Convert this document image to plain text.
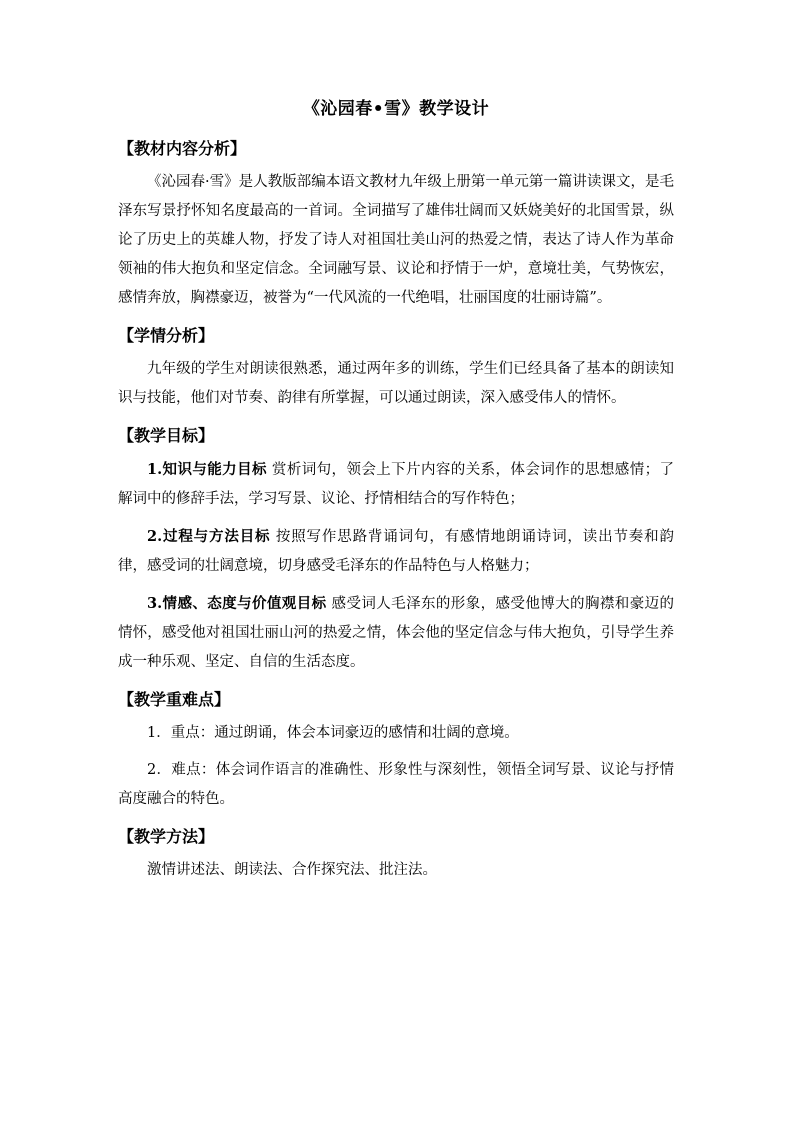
《沁园春•雪》教学设计
【教材内容分析】

《沁园春·雪》是人教版部编本语文教材九年级上册第一单元第一篇讲读课文，是毛泽东写景抒怀知名度最高的一首词。全词描写了雄伟壮阔而又妖娆美好的北国雪景，纵论了历史上的英雄人物，抒发了诗人对祖国壮美山河的热爱之情，表达了诗人作为革命领袖的伟大抱负和坚定信念。全词融写景、议论和抒情于一炉，意境壮美，气势恢宏，感情奔放，胸襟豪迈，被誉为“一代风流的一代绝唱，壮丽国度的壮丽诗篇”。

【学情分析】

九年级的学生对朗读很熟悉，通过两年多的训练，学生们已经具备了基本的朗读知识与技能，他们对节奏、韵律有所掌握，可以通过朗读，深入感受伟人的情怀。

【教学目标】

1.知识与能力目标 赏析词句，领会上下片内容的关系，体会词作的思想感情；了解词中的修辞手法，学习写景、议论、抒情相结合的写作特色；

2.过程与方法目标 按照写作思路背诵词句，有感情地朗诵诗词，读出节奏和韵律，感受词的壮阔意境，切身感受毛泽东的作品特色与人格魅力；

3.情感、态度与价值观目标 感受词人毛泽东的形象，感受他博大的胸襟和豪迈的情怀，感受他对祖国壮丽山河的热爱之情，体会他的坚定信念与伟大抱负，引导学生养成一种乐观、坚定、自信的生活态度。

【教学重难点】

1．重点：通过朗诵，体会本词豪迈的感情和壮阔的意境。

2．难点：体会词作语言的准确性、形象性与深刻性，领悟全词写景、议论与抒情高度融合的特色。

【教学方法】

激情讲述法、朗读法、合作探究法、批注法。
